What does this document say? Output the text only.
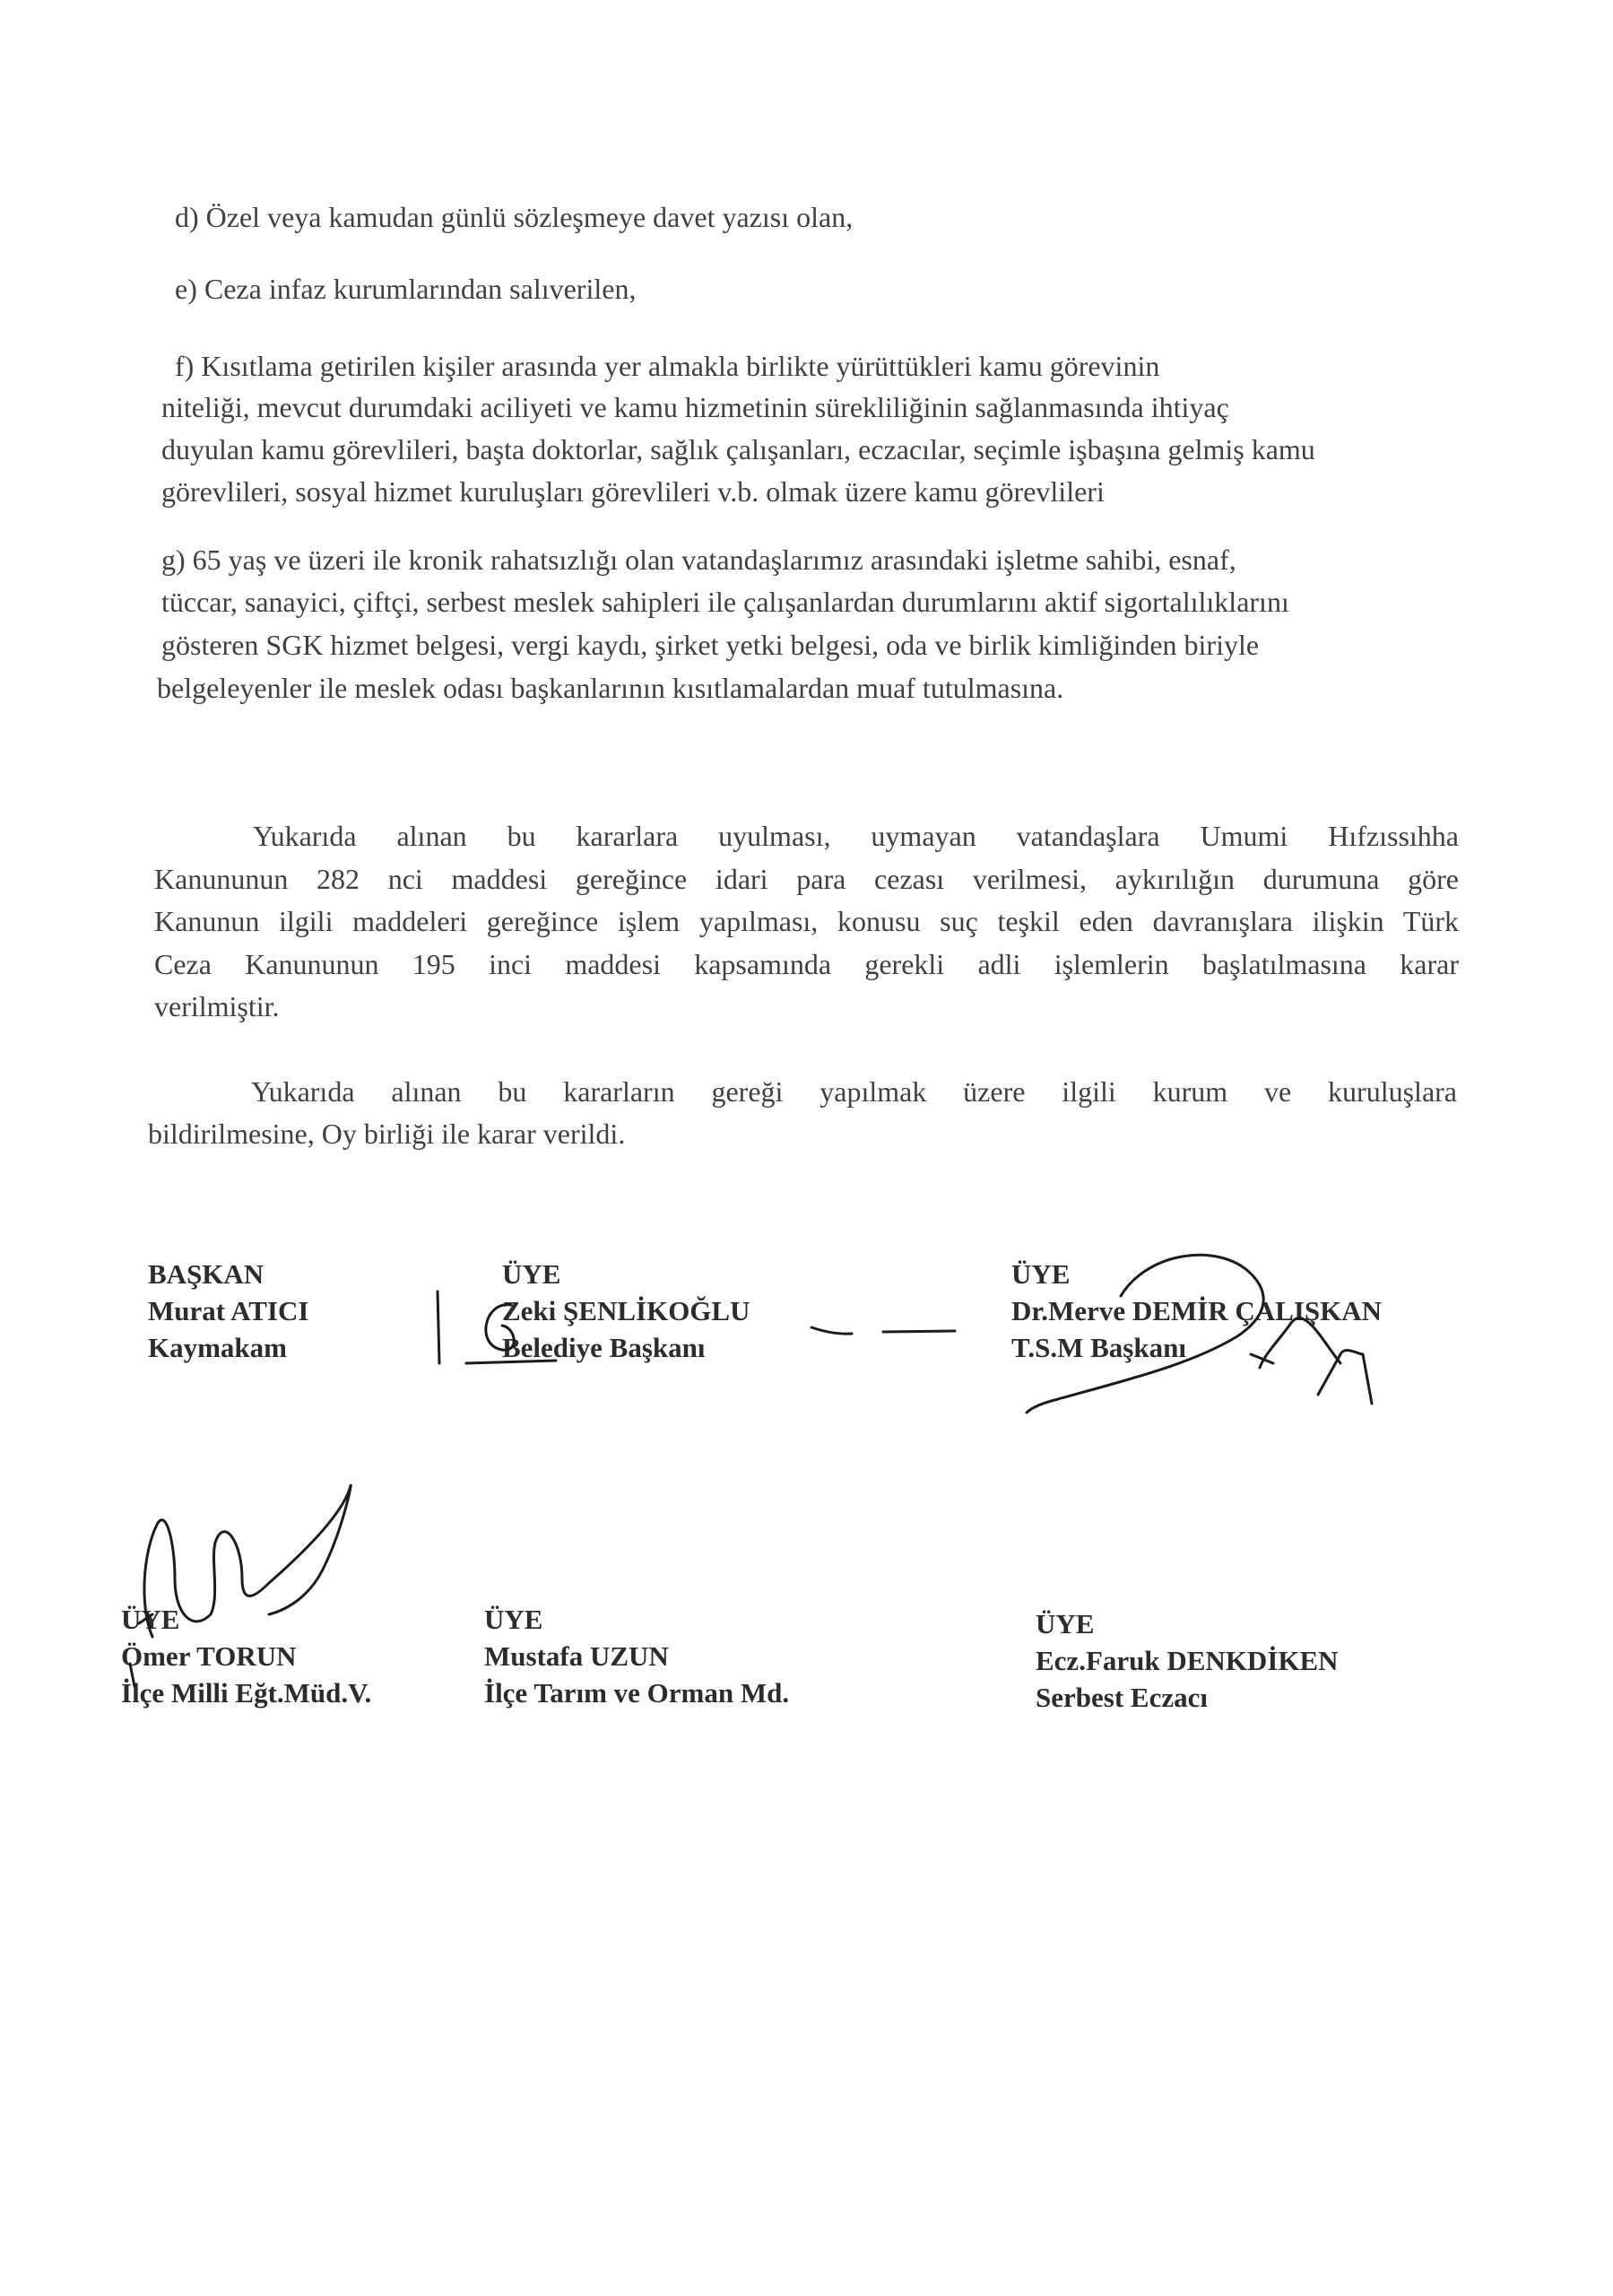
d) Özel veya kamudan günlü sözleşmeye davet yazısı olan,
e) Ceza infaz kurumlarından salıverilen,
f) Kısıtlama getirilen kişiler arasında yer almakla birlikte yürüttükleri kamu görevinin
niteliği, mevcut durumdaki aciliyeti ve kamu hizmetinin sürekliliğinin sağlanmasında ihtiyaç
duyulan kamu görevlileri, başta doktorlar, sağlık çalışanları, eczacılar, seçimle işbaşına gelmiş kamu
görevlileri, sosyal hizmet kuruluşları görevlileri v.b. olmak üzere kamu görevlileri
g) 65 yaş ve üzeri ile kronik rahatsızlığı olan vatandaşlarımız arasındaki işletme sahibi, esnaf,
tüccar, sanayici, çiftçi, serbest meslek sahipleri ile çalışanlardan durumlarını aktif sigortalılıklarını
gösteren SGK hizmet belgesi, vergi kaydı, şirket yetki belgesi, oda ve birlik kimliğinden biriyle
belgeleyenler ile meslek odası başkanlarının kısıtlamalardan muaf tutulmasına.
Yukarıda alınan bu kararlara uyulması, uymayan vatandaşlara Umumi Hıfzıssıhha
Kanununun 282 nci maddesi gereğince idari para cezası verilmesi, aykırılığın durumuna göre
Kanunun ilgili maddeleri gereğince işlem yapılması, konusu suç teşkil eden davranışlara ilişkin Türk
Ceza Kanununun 195 inci maddesi kapsamında gerekli adli işlemlerin başlatılmasına karar
verilmiştir.
Yukarıda alınan bu kararların gereği yapılmak üzere ilgili kurum ve kuruluşlara
bildirilmesine, Oy birliği ile karar verildi.
BAŞKAN
Murat ATICI
Kaymakam
ÜYE
Zeki ŞENLİKOĞLU
Belediye Başkanı
ÜYE
Dr.Merve DEMİR ÇALIŞKAN
T.S.M Başkanı
ÜYE
Ömer TORUN
İlçe Milli Eğt.Müd.V.
ÜYE
Mustafa UZUN
İlçe Tarım ve Orman Md.
ÜYE
Ecz.Faruk DENKDİKEN
Serbest Eczacı
